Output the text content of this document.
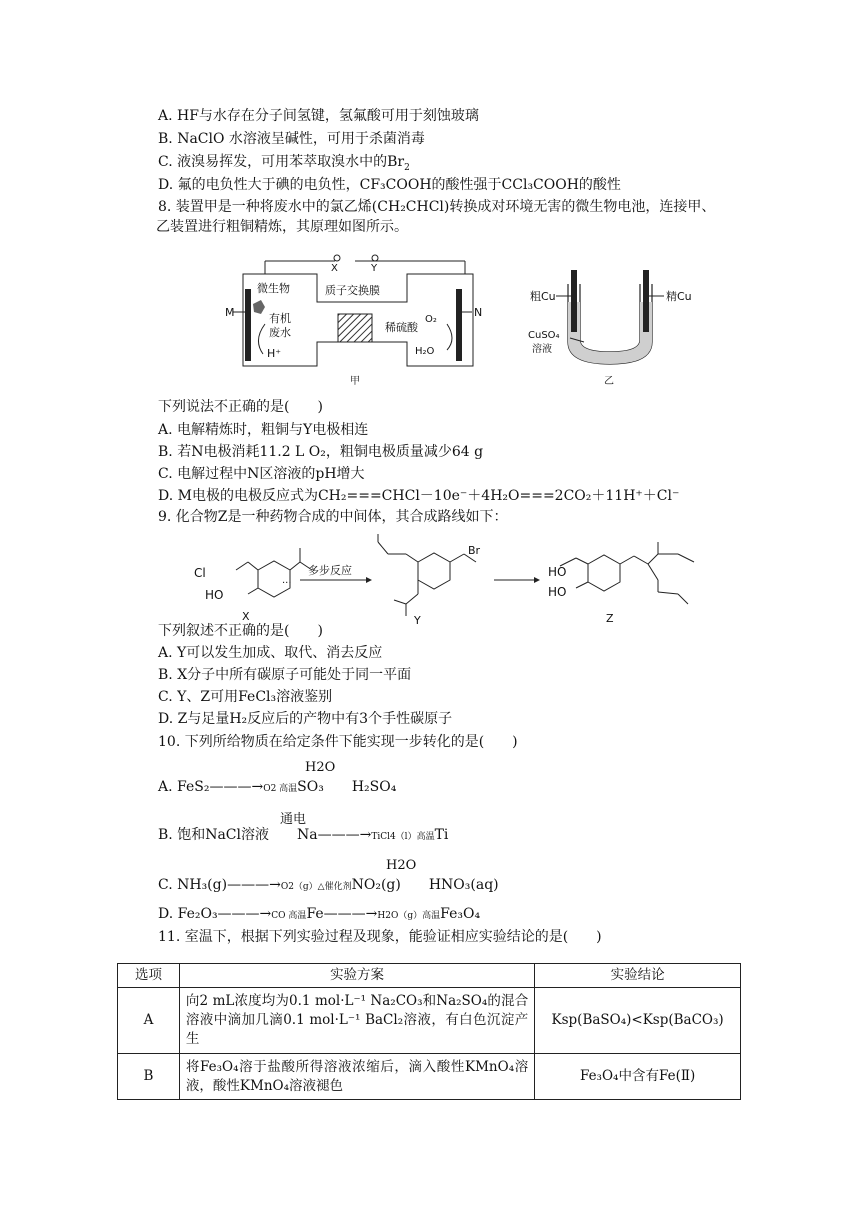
A. HF与水存在分子间氢键，氢氟酸可用于刻蚀玻璃
B. NaClO 水溶液呈碱性，可用于杀菌消毒
C. 液溴易挥发，可用苯萃取溴水中的$Br_2$
D. 氟的电负性大于碘的电负性，CF₃COOH的酸性强于CCl₃COOH的酸性
8. 装置甲是一种将废水中的氯乙烯(CH₂CHCl)转换成对环境无害的微生物电池，连接甲、
乙装置进行粗铜精炼，其原理如图所示。
X	Y
M	N
微生物
有机
废水
H⁺
质子交换膜
稀硫酸
O₂
H₂O
甲
粗Cu	精Cu
CuSO₄
溶液
乙
下列说法不正确的是(　　)
A. 电解精炼时，粗铜与Y电极相连
B. 若N电极消耗11.2 L O₂，粗铜电极质量减少64 g
C. 电解过程中N区溶液的pH增大
D. M电极的电极反应式为CH₂===CHCl－10e⁻＋4H₂O===2CO₂＋11H⁺＋Cl⁻
9. 化合物Z是一种药物合成的中间体，其合成路线如下：
Cl
HO
X
...
多步反应
Br
Y
HO
HO
Z
下列叙述不正确的是(　　)
A. Y可以发生加成、取代、消去反应
B. X分子中所有碳原子可能处于同一平面
C. Y、Z可用FeCl₃溶液鉴别
D. Z与足量H₂反应后的产物中有3个手性碳原子
10. 下列所给物质在给定条件下能实现一步转化的是(　　)
H2O
A. FeS₂———→O2 高温SO₃　　H₂SO₄
通电
B. 饱和NaCl溶液　　Na———→TiCl4（l）高温Ti
H2O
C. NH₃(g)———→O2（g）△催化剂NO₂(g)　　HNO₃(aq)
D. Fe₂O₃———→CO 高温Fe———→H2O（g）高温Fe₃O₄
11. 室温下，根据下列实验过程及现象，能验证相应实验结论的是(　　)
选项	实验方案	实验结论
A	向2 mL浓度均为0.1 mol·L⁻¹ Na₂CO₃和Na₂SO₄的混合溶液中滴加几滴0.1 mol·L⁻¹ BaCl₂溶液，有白色沉淀产生	Ksp(BaSO₄)<Ksp(BaCO₃)
B	将Fe₃O₄溶于盐酸所得溶液浓缩后，滴入酸性KMnO₄溶液，酸性KMnO₄溶液褪色	Fe₃O₄中含有Fe(Ⅱ)
